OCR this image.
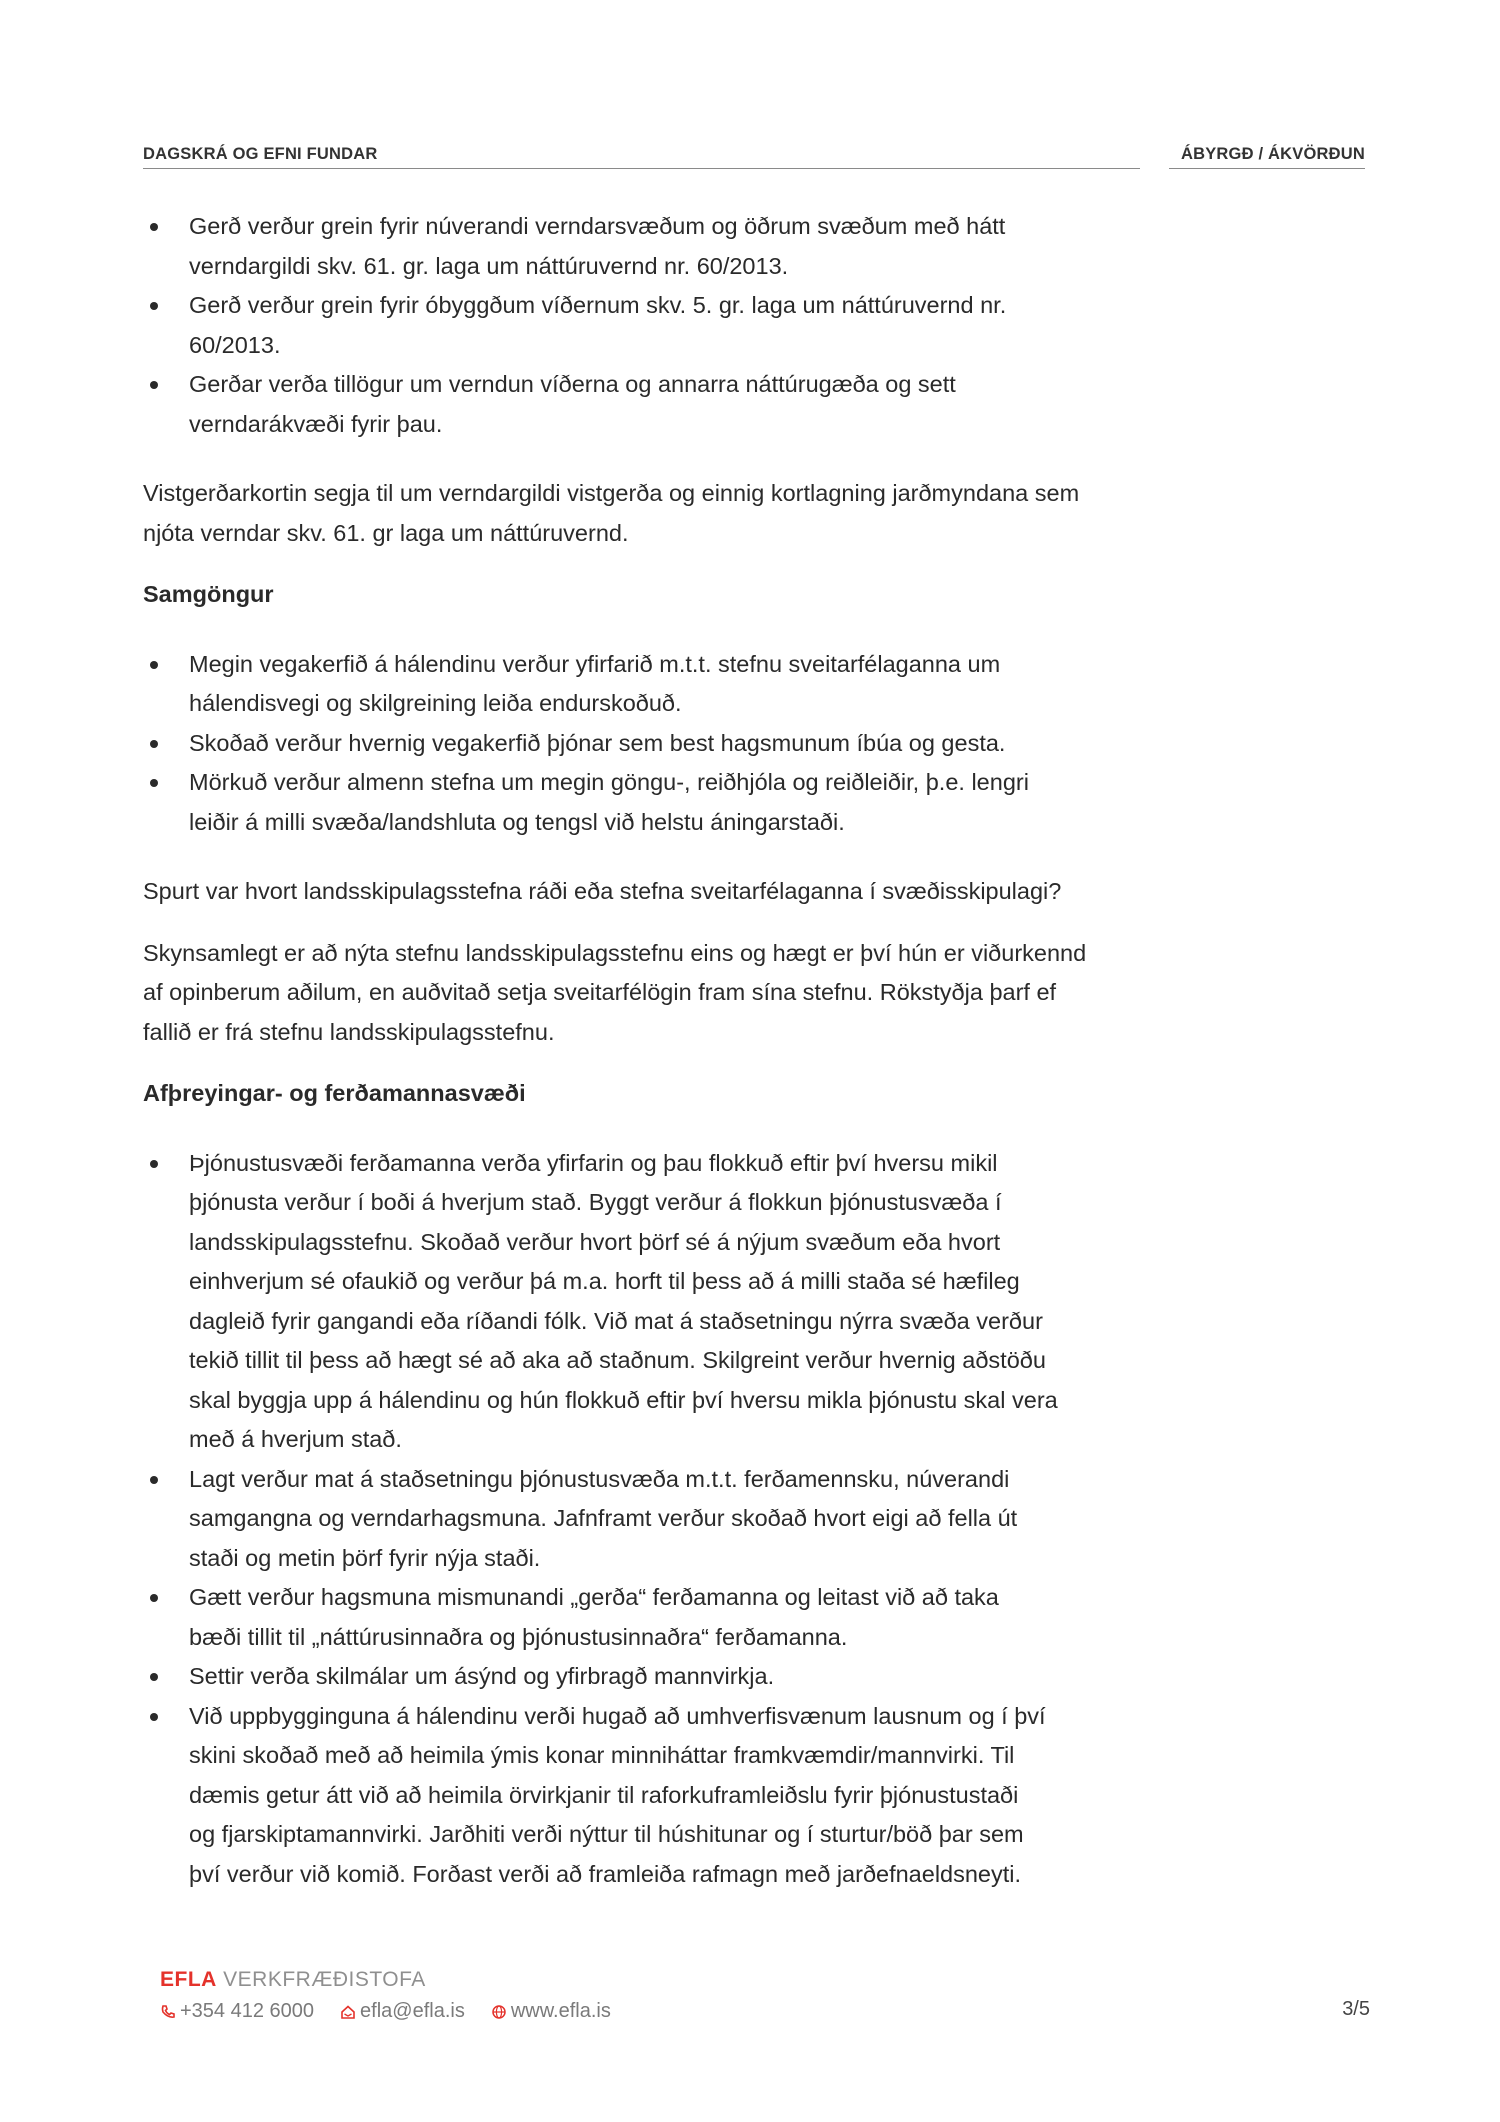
DAGSKRÁ OG EFNI FUNDAR	ÁBYRGÐ / ÁKVÖRÐUN
Gerð verður grein fyrir núverandi verndarsvæðum og öðrum svæðum með hátt
verndargildi skv. 61. gr. laga um náttúruvernd nr. 60/2013.
Gerð verður grein fyrir óbyggðum víðernum skv. 5. gr. laga um náttúruvernd nr.
60/2013.
Gerðar verða tillögur um verndun víðerna og annarra náttúrugæða og sett
verndarákvæði fyrir þau.

Vistgerðarkortin segja til um verndargildi vistgerða og einnig kortlagning jarðmyndana sem
njóta verndar skv. 61. gr laga um náttúruvernd.

Samgöngur

Megin vegakerfið á hálendinu verður yfirfarið m.t.t. stefnu sveitarfélaganna um
hálendisvegi og skilgreining leiða endurskoðuð.
Skoðað verður hvernig vegakerfið þjónar sem best hagsmunum íbúa og gesta.
Mörkuð verður almenn stefna um megin göngu-, reiðhjóla og reiðleiðir, þ.e. lengri
leiðir á milli svæða/landshluta og tengsl við helstu áningarstaði.

Spurt var hvort landsskipulagsstefna ráði eða stefna sveitarfélaganna í svæðisskipulagi?

Skynsamlegt er að nýta stefnu landsskipulagsstefnu eins og hægt er því hún er viðurkennd
af opinberum aðilum, en auðvitað setja sveitarfélögin fram sína stefnu. Rökstyðja þarf ef
fallið er frá stefnu landsskipulagsstefnu.

Afþreyingar- og ferðamannasvæði

Þjónustusvæði ferðamanna verða yfirfarin og þau flokkuð eftir því hversu mikil
þjónusta verður í boði á hverjum stað. Byggt verður á flokkun þjónustusvæða í
landsskipulagsstefnu. Skoðað verður hvort þörf sé á nýjum svæðum eða hvort
einhverjum sé ofaukið og verður þá m.a. horft til þess að á milli staða sé hæfileg
dagleið fyrir gangandi eða ríðandi fólk. Við mat á staðsetningu nýrra svæða verður
tekið tillit til þess að hægt sé að aka að staðnum. Skilgreint verður hvernig aðstöðu
skal byggja upp á hálendinu og hún flokkuð eftir því hversu mikla þjónustu skal vera
með á hverjum stað.
Lagt verður mat á staðsetningu þjónustusvæða m.t.t. ferðamennsku, núverandi
samgangna og verndarhagsmuna. Jafnframt verður skoðað hvort eigi að fella út
staði og metin þörf fyrir nýja staði.
Gætt verður hagsmuna mismunandi „gerða“ ferðamanna og leitast við að taka
bæði tillit til „náttúrusinnaðra og þjónustusinnaðra“ ferðamanna.
Settir verða skilmálar um ásýnd og yfirbragð mannvirkja.
Við uppbygginguna á hálendinu verði hugað að umhverfisvænum lausnum og í því
skini skoðað með að heimila ýmis konar minniháttar framkvæmdir/mannvirki. Til
dæmis getur átt við að heimila örvirkjanir til raforkuframleiðslu fyrir þjónustustaði
og fjarskiptamannvirki. Jarðhiti verði nýttur til húshitunar og í sturtur/böð þar sem
því verður við komið. Forðast verði að framleiða rafmagn með jarðefnaeldsneyti.
EFLA VERKFRÆÐISTOFA
+354 412 6000 efla@efla.is www.efla.is	3/5
